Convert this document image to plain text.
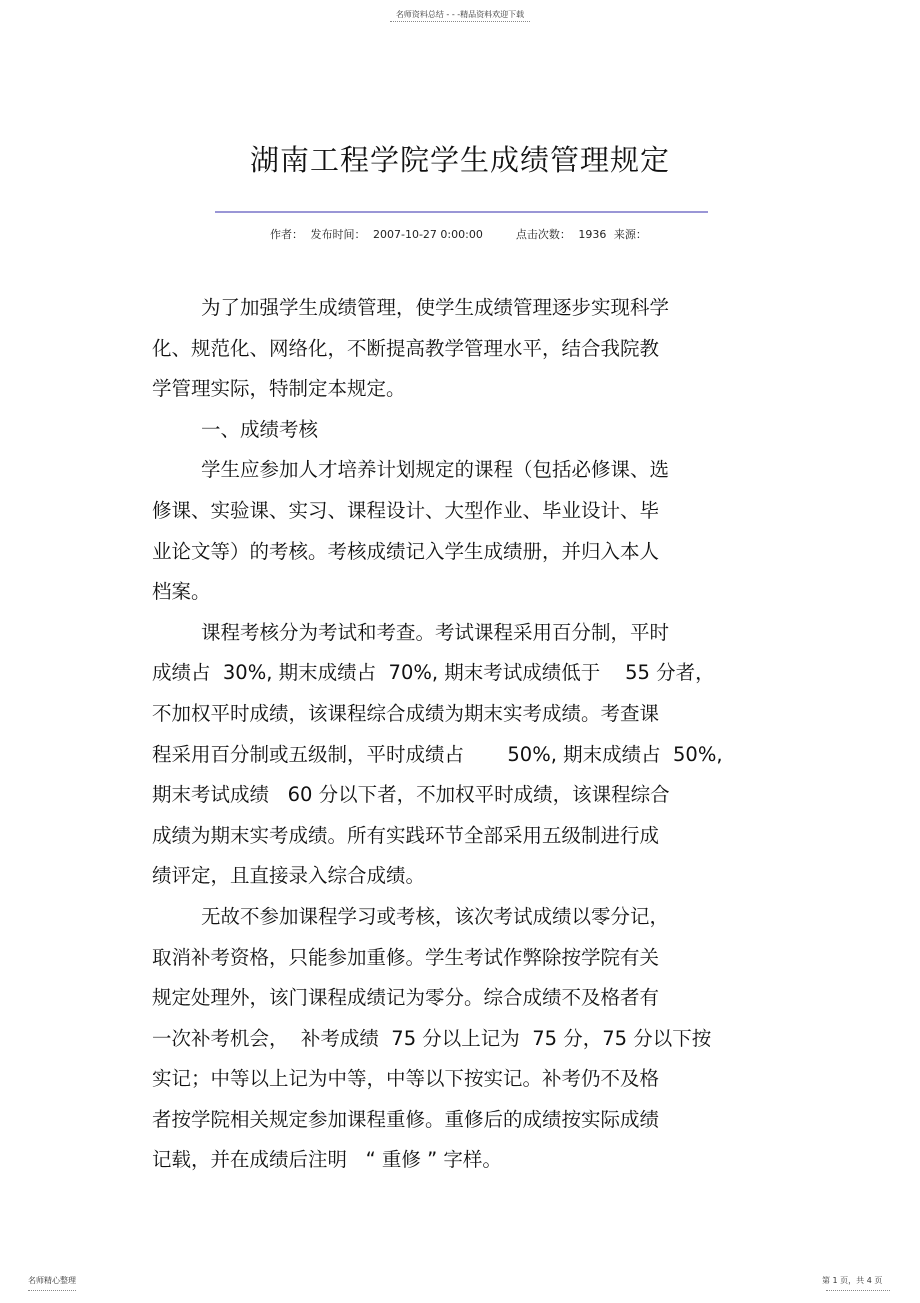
名师资料总结 - - -精品资料欢迎下载
湖南工程学院学生成绩管理规定
作者： 发布时间： 2007-10-27 0:00:00	点击次数： 1936 来源：
为了加强学生成绩管理，使学生成绩管理逐步实现科学
化、规范化、网络化，不断提高教学管理水平，结合我院教
学管理实际，特制定本规定。
一、成绩考核
学生应参加人才培养计划规定的课程（包括必修课、选
修课、实验课、实习、课程设计、大型作业、毕业设计、毕
业论文等）的考核。考核成绩记入学生成绩册，并归入本人
档案。
课程考核分为考试和考查。考试课程采用百分制，平时
成绩占  30%, 期末成绩占  70%, 期末考试成绩低于    55 分者，
不加权平时成绩，该课程综合成绩为期末实考成绩。考查课
程采用百分制或五级制，平时成绩占       50%, 期末成绩占  50%,
期末考试成绩   60 分以下者，不加权平时成绩，该课程综合
成绩为期末实考成绩。所有实践环节全部采用五级制进行成
绩评定，且直接录入综合成绩。
无故不参加课程学习或考核，该次考试成绩以零分记，
取消补考资格，只能参加重修。学生考试作弊除按学院有关
规定处理外，该门课程成绩记为零分。综合成绩不及格者有
一次补考机会，  补考成绩  75 分以上记为  75 分，75 分以下按
实记；中等以上记为中等，中等以下按实记。补考仍不及格
者按学院相关规定参加课程重修。重修后的成绩按实际成绩
记载，并在成绩后注明   “ 重修 ” 字样。
名师精心整理	第 1 页，共 4 页
